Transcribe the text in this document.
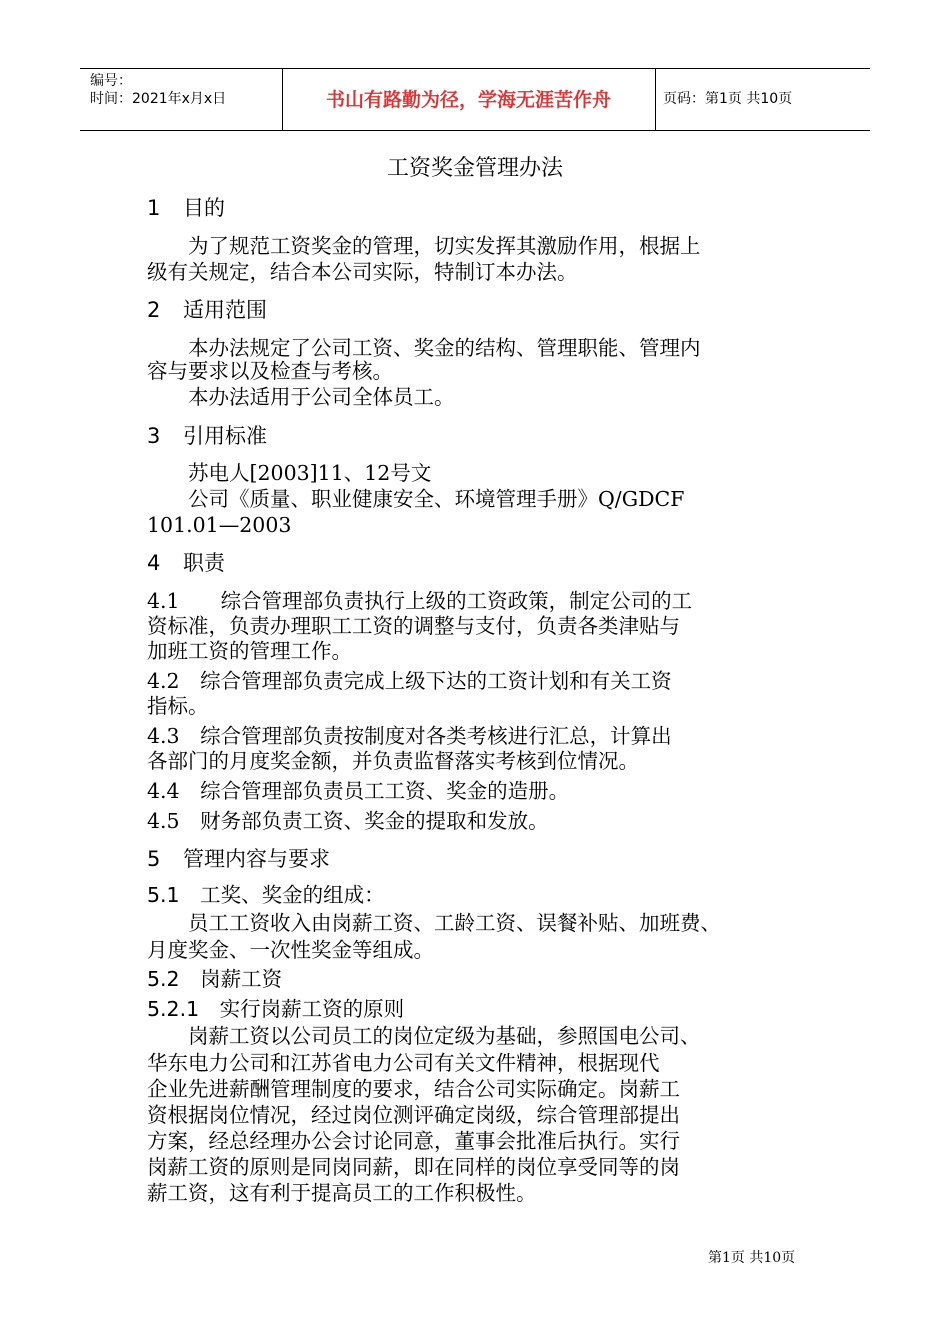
编号：
时间：2021年x月x日	书山有路勤为径，学海无涯苦作舟	页码：第1页 共10页
工资奖金管理办法
1 目的
　　为了规范工资奖金的管理，切实发挥其激励作用，根据上
级有关规定，结合本公司实际，特制订本办法。
2 适用范围
　　本办法规定了公司工资、奖金的结构、管理职能、管理内
容与要求以及检查与考核。
　　本办法适用于公司全体员工。
3 引用标准
　　苏电人[2003]11、12号文
　　公司《质量、职业健康安全、环境管理手册》Q/GDCF
101.01—2003
4 职责
4.1　　综合管理部负责执行上级的工资政策，制定公司的工
资标准，负责办理职工工资的调整与支付，负责各类津贴与
加班工资的管理工作。
4.2　综合管理部负责完成上级下达的工资计划和有关工资
指标。
4.3　综合管理部负责按制度对各类考核进行汇总，计算出
各部门的月度奖金额，并负责监督落实考核到位情况。
4.4　综合管理部负责员工工资、奖金的造册。
4.5　财务部负责工资、奖金的提取和发放。
5 管理内容与要求
5.1　工奖、奖金的组成：
　　员工工资收入由岗薪工资、工龄工资、误餐补贴、加班费、
月度奖金、一次性奖金等组成。
5.2　岗薪工资
5.2.1　实行岗薪工资的原则
　　岗薪工资以公司员工的岗位定级为基础，参照国电公司、
华东电力公司和江苏省电力公司有关文件精神，根据现代
企业先进薪酬管理制度的要求，结合公司实际确定。岗薪工
资根据岗位情况，经过岗位测评确定岗级，综合管理部提出
方案，经总经理办公会讨论同意，董事会批准后执行。实行
岗薪工资的原则是同岗同薪，即在同样的岗位享受同等的岗
薪工资，这有利于提高员工的工作积极性。
第1页 共10页
